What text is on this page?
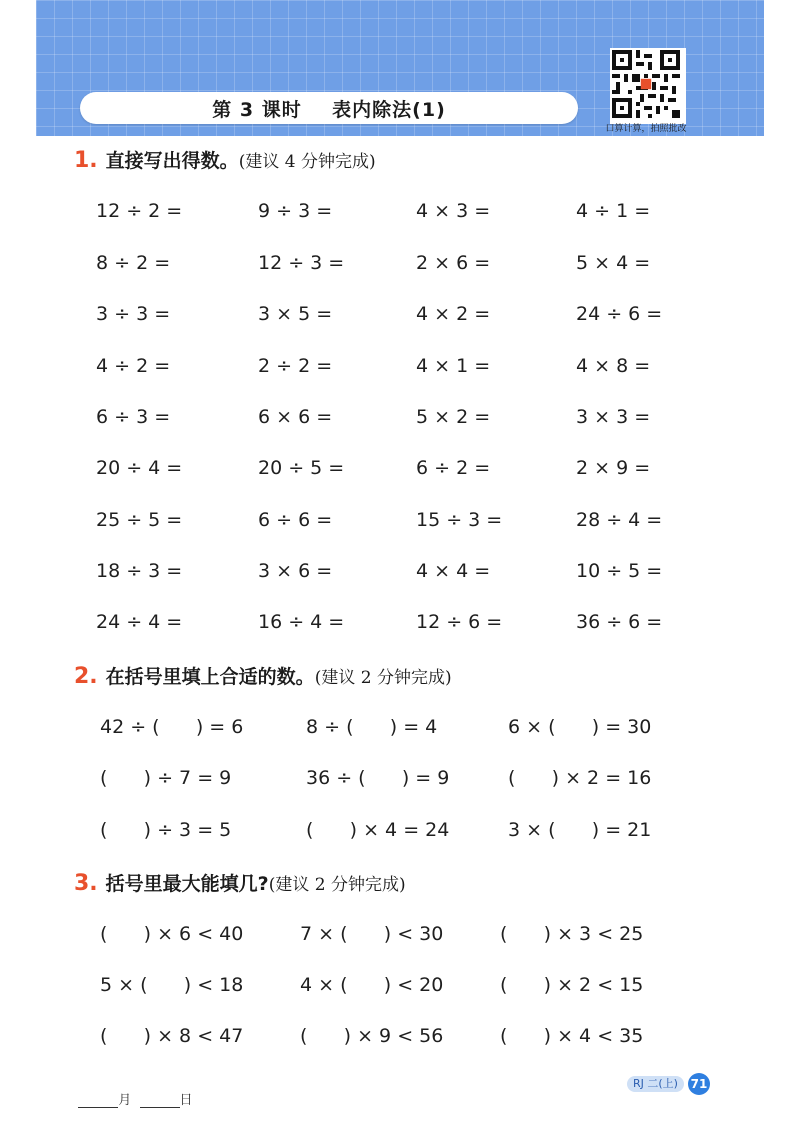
第 3 课时    表内除法(1)
口算计算，拍照批改
1. 直接写出得数。(建议 4 分钟完成)
12 ÷ 2 =	9 ÷ 3 =	4 × 3 =	4 ÷ 1 =
8 ÷ 2 =	12 ÷ 3 =	2 × 6 =	5 × 4 =
3 ÷ 3 =	3 × 5 =	4 × 2 =	24 ÷ 6 =
4 ÷ 2 =	2 ÷ 2 =	4 × 1 =	4 × 8 =
6 ÷ 3 =	6 × 6 =	5 × 2 =	3 × 3 =
20 ÷ 4 =	20 ÷ 5 =	6 ÷ 2 =	2 × 9 =
25 ÷ 5 =	6 ÷ 6 =	15 ÷ 3 =	28 ÷ 4 =
18 ÷ 3 =	3 × 6 =	4 × 4 =	10 ÷ 5 =
24 ÷ 4 =	16 ÷ 4 =	12 ÷ 6 =	36 ÷ 6 =
2. 在括号里填上合适的数。(建议 2 分钟完成)
42 ÷ (      ) = 6	8 ÷ (      ) = 4	6 × (      ) = 30
(      ) ÷ 7 = 9	36 ÷ (      ) = 9	(      ) × 2 = 16
(      ) ÷ 3 = 5	(      ) × 4 = 24	3 × (      ) = 21
3. 括号里最大能填几?(建议 2 分钟完成)
(      ) × 6 < 40	7 × (      ) < 30	(      ) × 3 < 25
5 × (      ) < 18	4 × (      ) < 20	(      ) × 2 < 15
(      ) × 8 < 47	(      ) × 9 < 56	(      ) × 4 < 35

月	日

RJ 二(上)	71
